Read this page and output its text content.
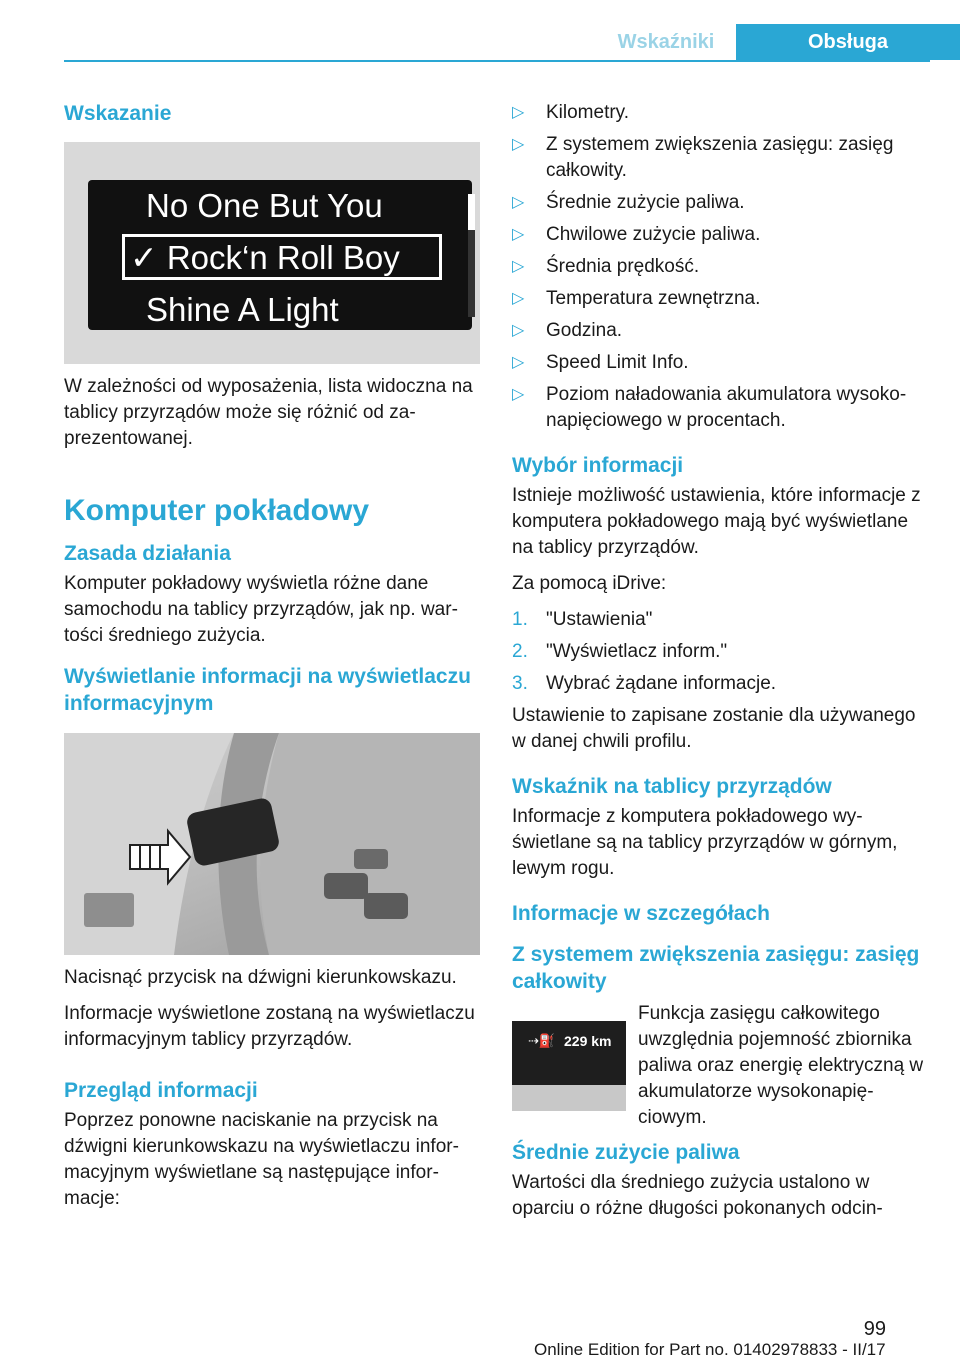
Wskaźniki	Obsługa
Wskazanie
No One But You
✓ Rock‘n Roll Boy
Shine A Light

W zależności od wyposażenia, lista widoczna na tablicy przyrządów może się różnić od zaprezentowanej.

Komputer pokładowy
Zasada działania

Komputer pokładowy wyświetla różne dane samochodu na tablicy przyrządów, jak np. wartości średniego zużycia.

Wyświetlanie informacji na wyświetlaczu informacyjnym

Nacisnąć przycisk na dźwigni kierunkowskazu.

Informacje wyświetlone zostaną na wyświetlaczu informacyjnym tablicy przyrządów.

Przegląd informacji

Poprzez ponowne naciskanie na przycisk na dźwigni kierunkowskazu na wyświetlaczu informacyjnym wyświetlane są następujące informacje:

▷ Kilometry.
▷ Z systemem zwiększenia zasięgu: zasięg całkowity.
▷ Średnie zużycie paliwa.
▷ Chwilowe zużycie paliwa.
▷ Średnia prędkość.
▷ Temperatura zewnętrzna.
▷ Godzina.
▷ Speed Limit Info.
▷ Poziom naładowania akumulatora wysokonapięciowego w procentach.
Wybór informacji

Istnieje możliwość ustawienia, które informacje z komputera pokładowego mają być wyświetlane na tablicy przyrządów.

Za pomocą iDrive:

1. "Ustawienia"
2. "Wyświetlacz inform."
3. Wybrać żądane informacje.

Ustawienie to zapisane zostanie dla używanego w danej chwili profilu.

Wskaźnik na tablicy przyrządów

Informacje z komputera pokładowego wyświetlane są na tablicy przyrządów w górnym, lewym rogu.

Informacje w szczegółach
Z systemem zwiększenia zasięgu: zasięg całkowity
⇢⛽ 229 km
Funkcja zasięgu całkowitego uwzględnia pojemność zbiornika paliwa oraz energię elektryczną w akumulatorze wysokonapięciowym.
Średnie zużycie paliwa

Wartości dla średniego zużycia ustalono w oparciu o różne długości pokonanych odcin-

99
Online Edition for Part no. 01402978833 - II/17
